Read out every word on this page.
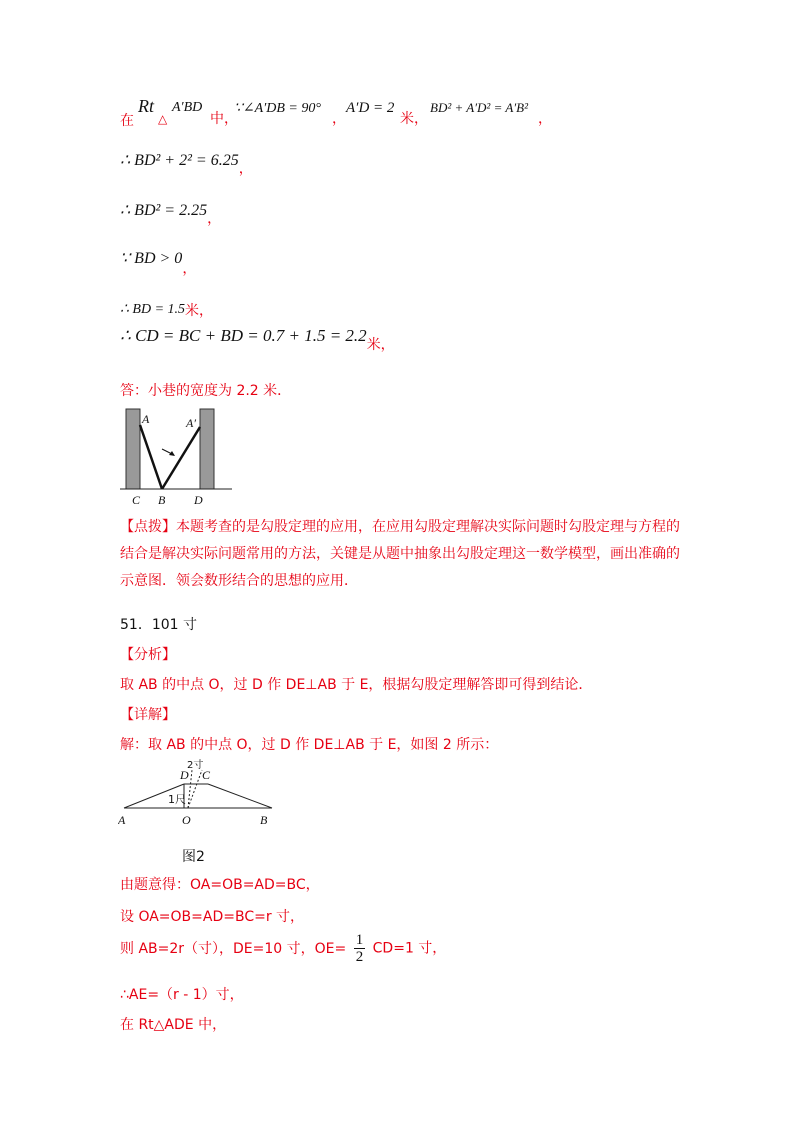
在
Rt
△
A′BD
中，
∵∠A′DB = 90°
，
A′D = 2
米 ，
BD² + A′D² = A′B²
，
∴ BD² + 2² = 6.25，
∴ BD² = 2.25，
∵ BD > 0，
∴ BD = 1.5米，
∴ CD = BC + BD = 0.7 + 1.5 = 2.2米，
答：小巷的宽度为 2.2 米．
A	A′
C B D
【点拨】本题考查的是勾股定理的应用，在应用勾股定理解决实际问题时勾股定理与方程的结合是解决实际问题常用的方法，关键是从题中抽象出勾股定理这一数学模型，画出准确的示意图．领会数形结合的思想的应用．
51．101 寸
【分析】
取 AB 的中点 O，过 D 作 DE⊥AB 于 E，根据勾股定理解答即可得到结论．
【详解】
解：取 AB 的中点 O，过 D 作 DE⊥AB 于 E，如图 2 所示：
2寸
D C
1尺
A	O	B
图2
由题意得：OA=OB=AD=BC，
设 OA=OB=AD=BC=r 寸，
则 AB=2r（寸），DE=10 寸，$OE= \frac{1}{2} CD=1$ 寸，
∴AE=（r - 1）寸，
在 Rt△ADE 中，
